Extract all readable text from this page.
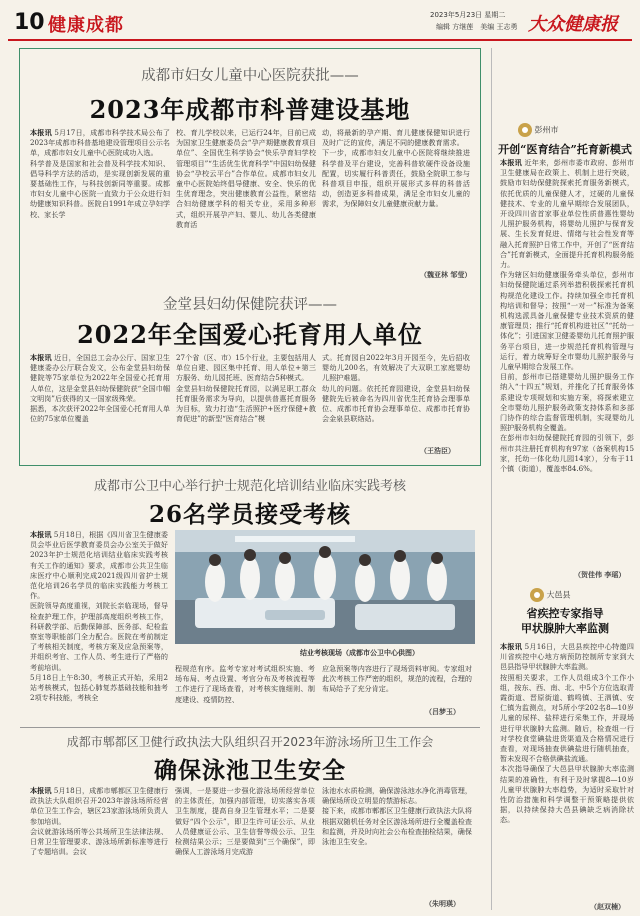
10 健康成都	2023年5月23日 星期二
编辑 方继莲　美编 王志勇 大众健康报
成都市妇女儿童中心医院获批——
2023年成都市科普建设基地
本报讯 5月17日，成都市科学技术局公布了2023年成都市科普基地建设管理项目公示名单，成都市妇女儿童中心医院成功入选。
科学普及是国家和社会普及科学技术知识、倡导科学方法的活动，是实现创新发展的重要基础性工作，与科技创新同等重要。成都市妇女儿童中心医院一直致力于公众进行妇幼健康知识科普。医院自1991年成立孕妇学校、家长学
校、育儿学校以来，已运行24年，目前已成为国家卫生健康委员会“孕产期健康教育项目单位”、全国优生科学协会“快乐孕育妇学校管理项目”“生活优生优育科学”中国妇幼保健协会“孕校云平台”合作单位。成都市妇女儿童中心医院始终倡导健康、安全、快乐的优生优育理念，突出健康教育公益性，紧密结合妇幼健康学科的相关专业，采用多种形式，组织开展孕产妇、婴儿、幼儿各类健康教育活
动，将最新的孕产期、育儿健康保健知识进行及时广泛的宣传，满足不同的健康教育需求。
下一步，成都市妇女儿童中心医院将继续推进科学普及平台建设，完善科普软硬件设备设施配置，切实履行科普责任，鼓励全院职工参与科普项目申报，组织开展形式多样的科普活动，创造更多科普成果，满足全市妇女儿童的需求，为保障妇女儿童健康贡献力量。
（魏亚林 邹莹）
金堂县妇幼保健院获评——
2022年全国爱心托育用人单位
本报讯 近日，全国总工会办公厅、国家卫生健康委办公厅联合发文，公布金堂县妇幼保健院等75家单位为2022年全国爱心托育用人单位，这是金堂县妇幼保健院获“全国巾帼文明岗”后获得的又一国家级殊荣。
据悉，本次获评2022年全国爱心托育用人单位的75家单位覆盖
27个省（区、市）15个行业，主要包括用人单位自建、园区集中托育、用人单位+第三方服务、幼儿园托班、医育结合5种模式。
金堂县妇幼保健院托育园，以满足职工群众托育服务需求为导向，以提供普惠托育服务为目标，致力打造“生活照护+医疗保健+教育促进”的新型“医育结合”模
式。托育园自2022年3月开园至今，先后招收婴幼儿200名，有效解决了大双职工家庭婴幼儿照护难题。
幼儿的问题。依托托育园建设，金堂县妇幼保健院先后被命名为四川省优生托育协会理事单位、成都市托育协会理事单位、成都市托育协会金泉县联络站。
（王浩臣）
成都市公卫中心举行护士规范化培训结业临床实践考核
26名学员接受考核
本报讯 5月18日，根据《四川省卫生健康委员会毕业后医学教育委员会办公室关于做好2023年护士规范化培训结业临床实践考核有关工作的通知》要求，成都市公共卫生临床医疗中心顺利完成2021级四川省护士规范化培训26名学员的临床实践能力考核工作。
医院领导高度重视，刘院长亲临现场，督导检查护理工作，护理部高度组织考核工作，科研教学部、后勤保障部、医务部、纪检监察室等职能部门全力配合。医院在考前制定了考核相关制度，考核方案及应急预案等，并组织考官、工作人员、考生进行了严格的考前培训。
5月18日上午8:30，考核正式开始，采用2站考核模式，包括心肺复苏基础技能和抽考2项专科技能，考核全
结业考核现场（成都市公卫中心供图）
程规范有序。监考专家对考试组织实施、考场布局、考点设置、考官分布及考核流程等工作进行了现场查看，对考核实施细则、制度建设、疫情防控、
应急预案等内容进行了现场资料审阅。专家组对此次考核工作严密的组织，规范的流程，合理的布局给予了充分肯定。
（吕梦玉）
成都市郫都区卫健行政执法大队组织召开2023年游泳场所卫生工作会
确保泳池卫生安全
本报讯 5月18日，成都市郫都区卫生健康行政执法大队组织召开2023年游泳场所经营单位卫生工作会，辖区23家游泳场所负责人参加培训。
会议就游泳场所等公共场所卫生法律法规、日常卫生管理要求、游泳场所新标准等进行了专题培训。会议
强调，一是要进一步强化游泳场所经营单位的主体责任，加强内部管理，切实落实各项卫生制度，提高自身卫生管理水平；二是要做好“四个公示”，即卫生许可证公示、从业人员健康证公示、卫生信誉等级公示、卫生检测结果公示；三是要做到“三个确保”，即确保人工游泳场月完成游
泳池水水质检测，确保游泳池水净化消毒管理，确保场所设立明显的禁游标志。
接下来，成都市郫都区卫生健康行政执法大队将根据双随机任务对全区游泳场所进行全覆盖检查和监测，并及时向社会公布检查抽检结果，确保泳池卫生安全。
（朱明瑛）
彭州市
开创“医育结合”托育新模式
本报讯 近年来，彭州市委市政府、彭州市卫生健康局在政策上、机制上进行突破，鼓励市妇幼保健院探索托育服务新模式，依托优质的儿童保健人才，过硬的儿童保健技术、专业的儿童早期综合发展团队，开设四川省首家事业单位性质普惠性婴幼儿照护服务机构，将婴幼儿照护与保育发展、生长发育促进、情绪与社会性发育等融入托育照护日常工作中，开创了“医育结合”托育新模式，全面提升托育机构服务能力。
作为辖区妇幼健康服务牵头单位，彭州市妇幼保健院通过系列举措积极探索托育机构规范化建设工作。持续加强全市托育机构培训和督导；按照“一对一”标准为备案机构选派具备儿童保健专业技术资质的健康管理员；推行“托育机构进社区”“托幼一体化”；引进国家卫健委婴幼儿托育照护服务平台项目，进一步规范托育机构管理与运行，着力统筹好全市婴幼儿照护服务与儿童早期综合发展工作。
目前，彭州市已搭建婴幼儿照护服务工作纳入“十四五”规划，并推化了托育服务体系建设专项规划和实施方案，将探索建立全市婴幼儿照护服务政策支持体系和多部门协作的综合监督管理机制，实现婴幼儿照护服务机构全覆盖。
在彭州市妇幼保健院托育园的引领下，彭州市共注册托育机构有97家（备案机构15家，托幼一体化幼儿园14家），分布于11个镇（街道），覆盖率84.6%。
（贺佳伟 李瑶）
大邑县
省疾控专家指导
甲状腺肿大率监测
本报讯 5月16日，大邑县疾控中心特邀四川省疾控中心地方病预防控制所专家到大邑县指导甲状腺肿大率监测。
按照相关要求，工作人员组成3个工作小组，按东、西、南、北、中5个方位选取青霞街道、晋原街道、鹤鸣镇、王泗镇、安仁镇为监测点，对5所小学202名8—10岁儿童的尿样、盐样进行采集工作，并现场进行甲状腺肿大监测。随后，检查组一行对学校食堂碘盐进货渠道及合格情况进行查看，对现场抽查供碘盐进行随机抽查，暂未发现不合格供碘盐流通。
本次指导确保了大邑县甲状腺肿大率监测结果的准确性，有利于及时掌握8—10岁儿童甲状腺肿大率趋势，为适时采取针对性防治措施和科学调整干预策略提供依据，以持续保持大邑县碘缺乏病消除状态。
（赵双楠）
